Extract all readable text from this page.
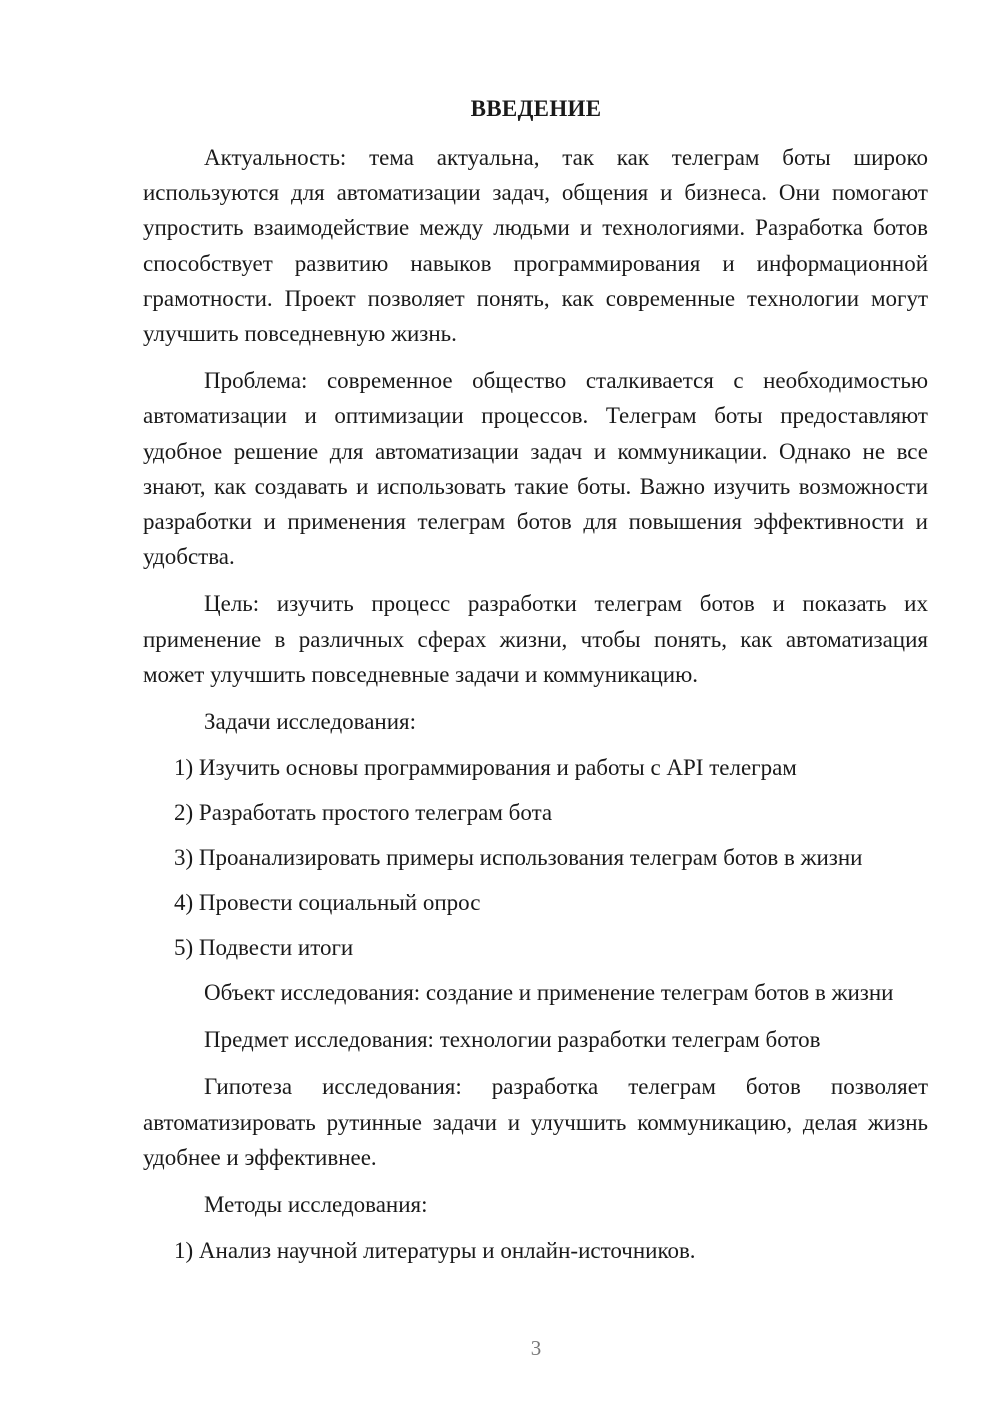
ВВЕДЕНИЕ

Актуальность: тема актуальна, так как телеграм боты широко используются для автоматизации задач, общения и бизнеса. Они помогают упростить взаимодействие между людьми и технологиями. Разработка ботов способствует развитию навыков программирования и информационной грамотности. Проект позволяет понять, как современные технологии могут улучшить повседневную жизнь.

Проблема: современное общество сталкивается с необходимостью автоматизации и оптимизации процессов. Телеграм боты предоставляют удобное решение для автоматизации задач и коммуникации. Однако не все знают, как создавать и использовать такие боты. Важно изучить возможности разработки и применения телеграм ботов для повышения эффективности и удобства.

Цель: изучить процесс разработки телеграм ботов и показать их применение в различных сферах жизни, чтобы понять, как автоматизация может улучшить повседневные задачи и коммуникацию.

Задачи исследования:

1) Изучить основы программирования и работы с API телеграм

2) Разработать простого телеграм бота

3) Проанализировать примеры использования телеграм ботов в жизни

4) Провести социальный опрос

5) Подвести итоги

Объект исследования: создание и применение телеграм ботов в жизни

Предмет исследования: технологии разработки телеграм ботов

Гипотеза исследования: разработка телеграм ботов позволяет автоматизировать рутинные задачи и улучшить коммуникацию, делая жизнь удобнее и эффективнее.

Методы исследования:

1) Анализ научной литературы и онлайн-источников.

3
